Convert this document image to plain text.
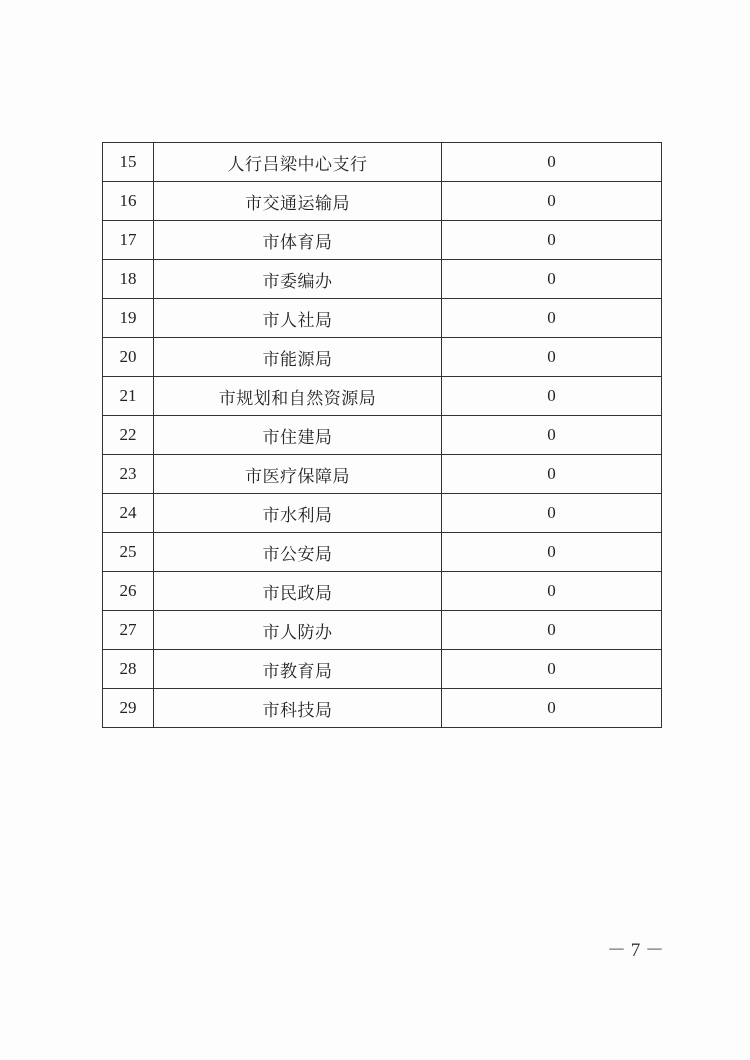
15	人行吕梁中心支行	0
16	市交通运输局	0
17	市体育局	0
18	市委编办	0
19	市人社局	0
20	市能源局	0
21	市规划和自然资源局	0
22	市住建局	0
23	市医疗保障局	0
24	市水利局	0
25	市公安局	0
26	市民政局	0
27	市人防办	0
28	市教育局	0
29	市科技局	0
－ 7 －
